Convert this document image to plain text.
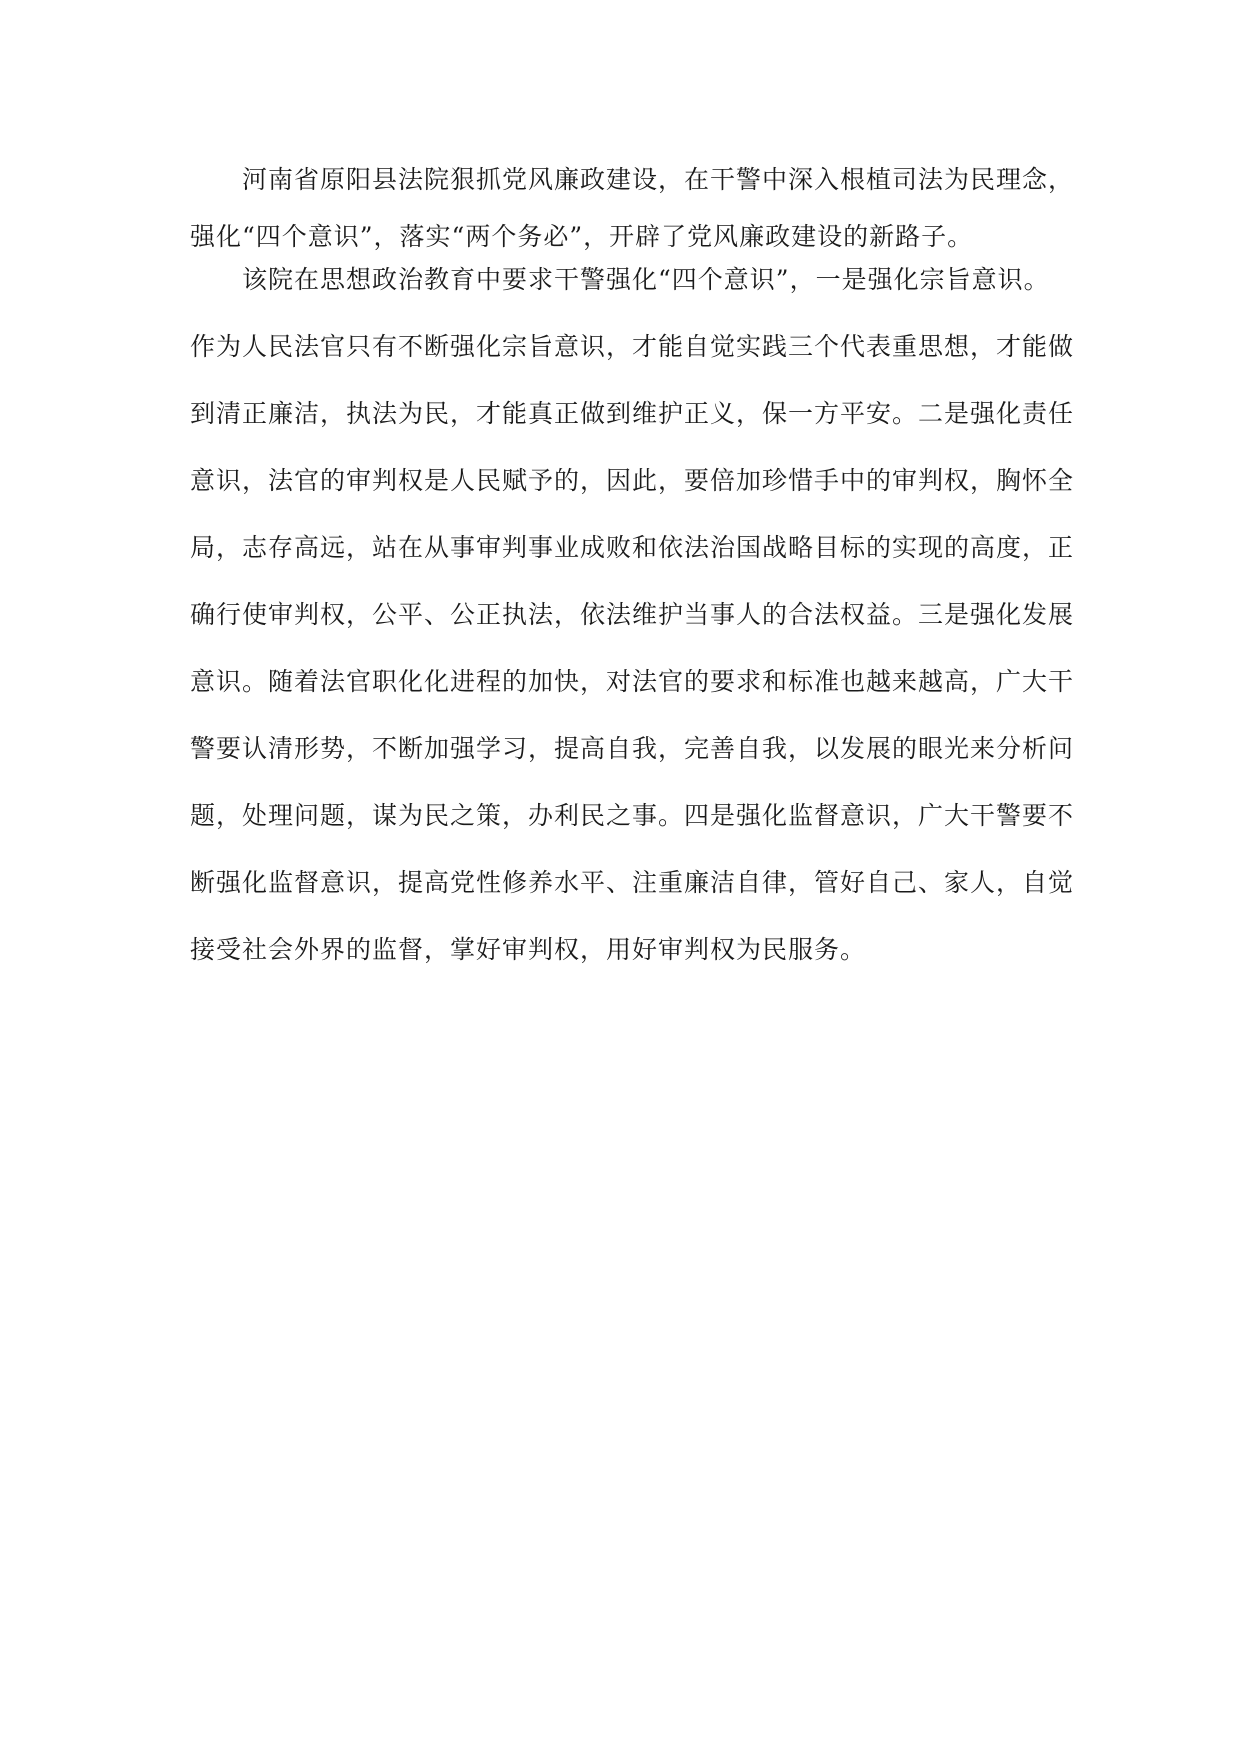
河南省原阳县法院狠抓党风廉政建设，在干警中深入根植司法为民理念，
强化“四个意识”，落实“两个务必”，开辟了党风廉政建设的新路子。
该院在思想政治教育中要求干警强化“四个意识”，一是强化宗旨意识。
作为人民法官只有不断强化宗旨意识，才能自觉实践三个代表重思想，才能做
到清正廉洁，执法为民，才能真正做到维护正义，保一方平安。二是强化责任
意识，法官的审判权是人民赋予的，因此，要倍加珍惜手中的审判权，胸怀全
局，志存高远，站在从事审判事业成败和依法治国战略目标的实现的高度，正
确行使审判权，公平、公正执法，依法维护当事人的合法权益。三是强化发展
意识。随着法官职化化进程的加快，对法官的要求和标准也越来越高，广大干
警要认清形势，不断加强学习，提高自我，完善自我，以发展的眼光来分析问
题，处理问题，谋为民之策，办利民之事。四是强化监督意识，广大干警要不
断强化监督意识，提高党性修养水平、注重廉洁自律，管好自己、家人，自觉
接受社会外界的监督，掌好审判权，用好审判权为民服务。
